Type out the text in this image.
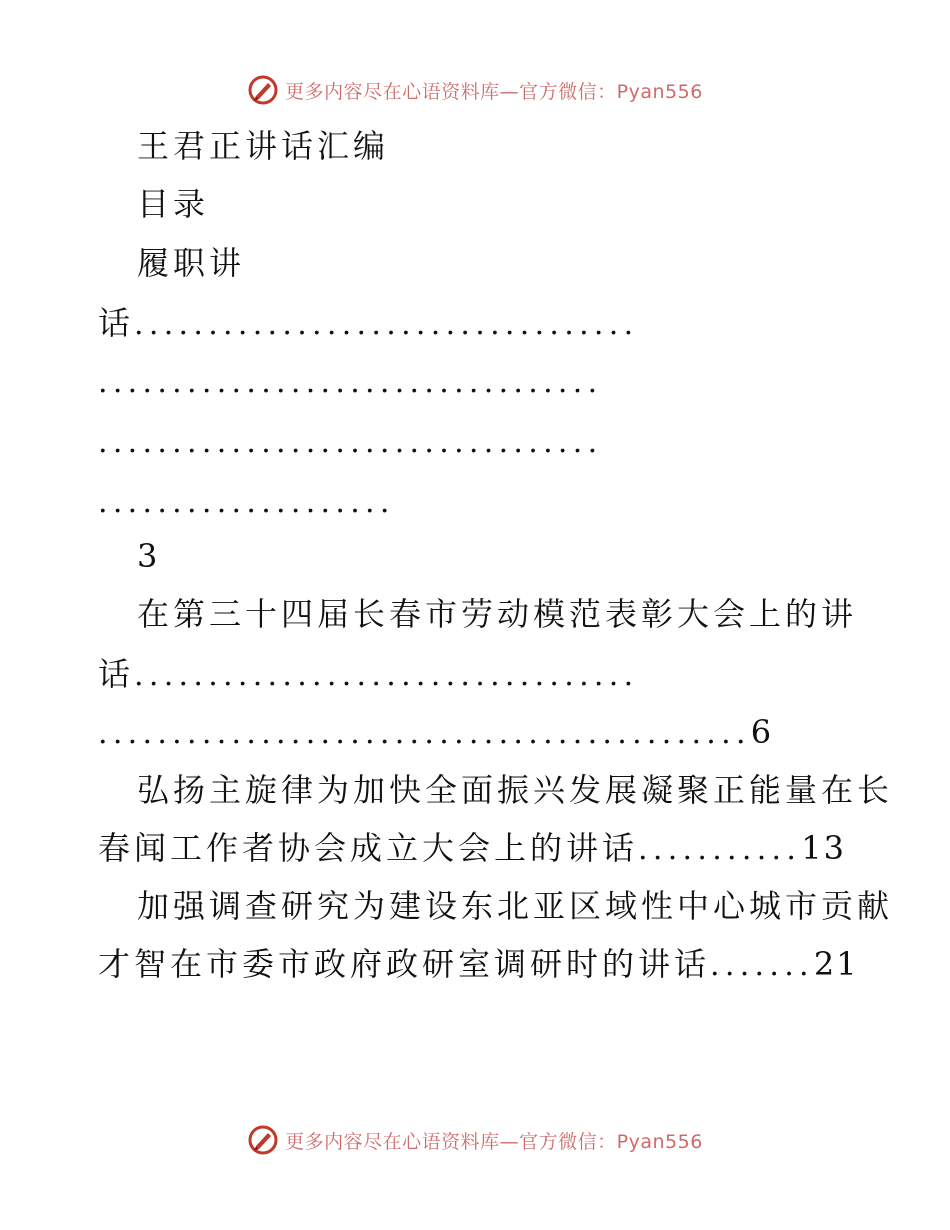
更多内容尽在心语资料库—官方微信：Pyan556
王君正讲话汇编
目录
履职讲
话..................................
..................................
..................................
....................
3
在第三十四届长春市劳动模范表彰大会上的讲
话..................................
............................................6
弘扬主旋律为加快全面振兴发展凝聚正能量在长
春闻工作者协会成立大会上的讲话...........13
加强调查研究为建设东北亚区域性中心城市贡献
才智在市委市政府政研室调研时的讲话.......21
更多内容尽在心语资料库—官方微信：Pyan556
